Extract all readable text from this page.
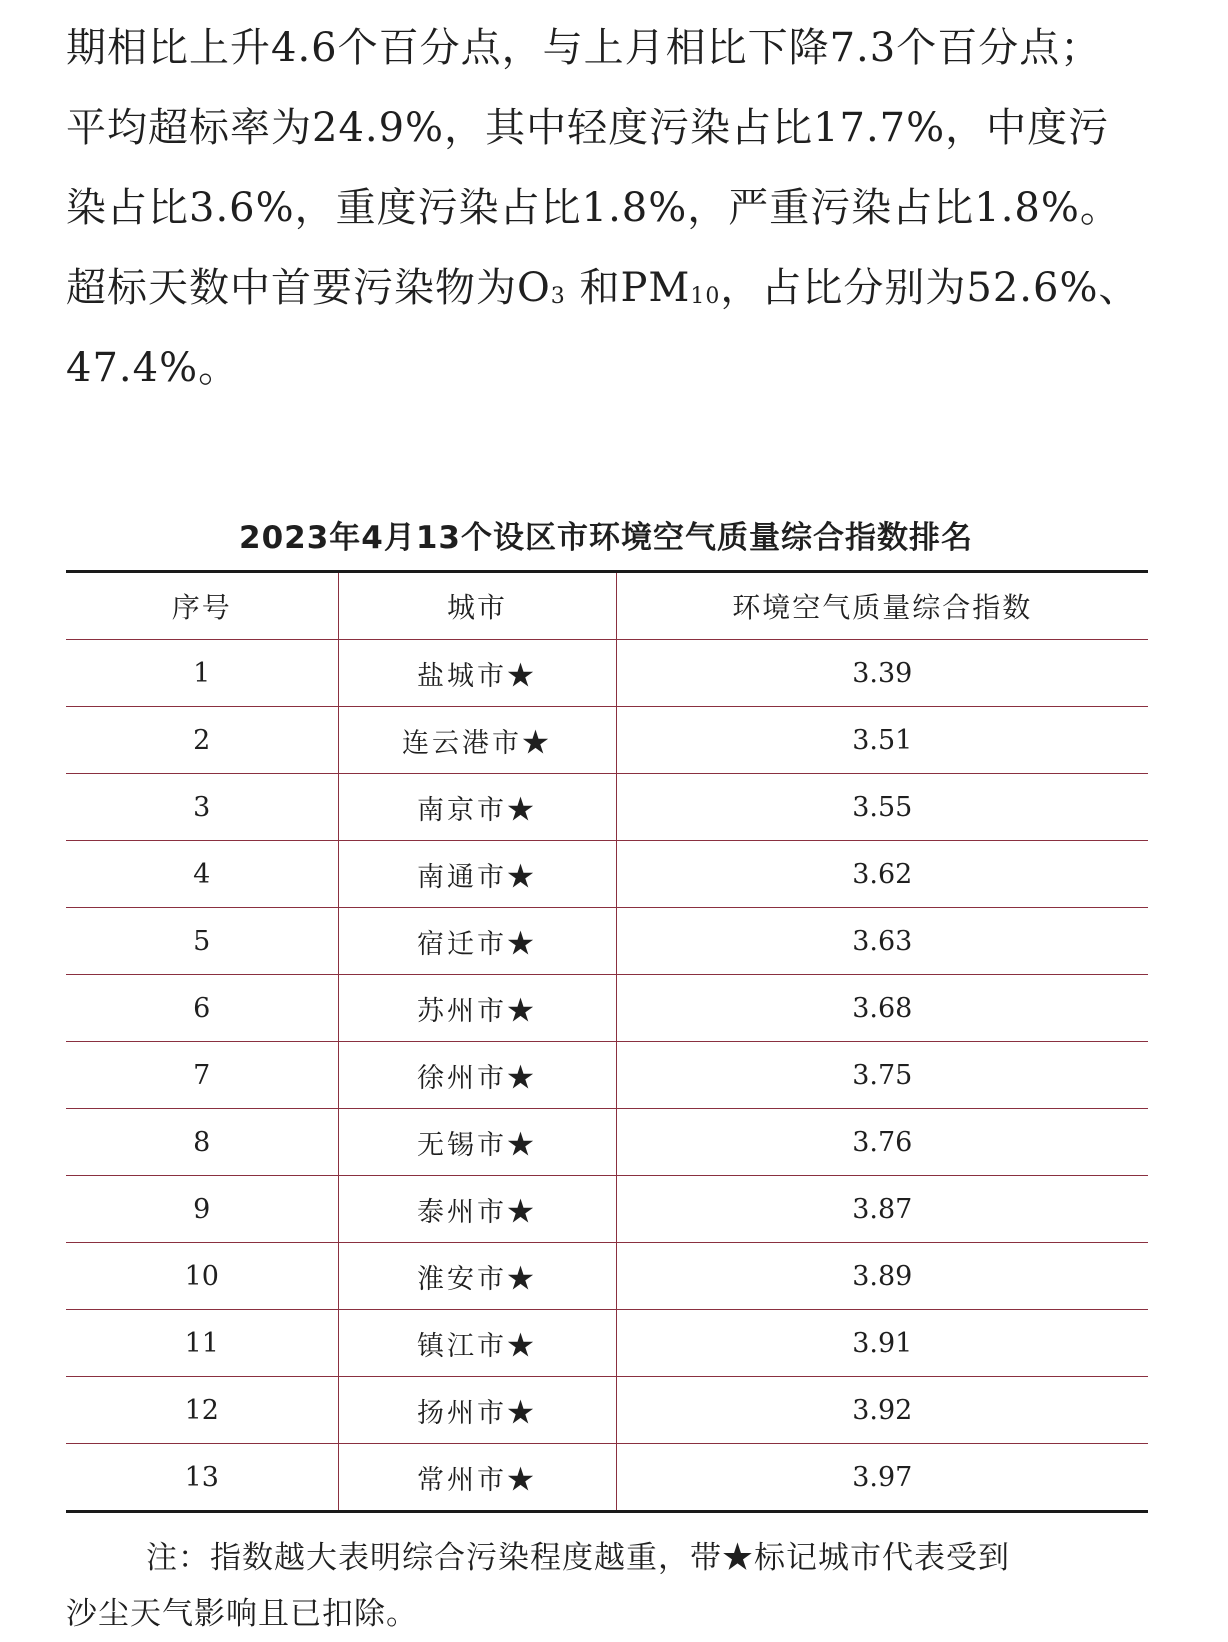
期相比上升4.6个百分点，与上月相比下降7.3个百分点；

平均超标率为24.9%，其中轻度污染占比17.7%，中度污

染占比3.6%，重度污染占比1.8%，严重污染占比1.8%。

超标天数中首要污染物为$O_3$ 和$PM_{10}$，占比分别为52.6%、

47.4%。

2023年4月13个设区市环境空气质量综合指数排名
序号	城市	环境空气质量综合指数
1	盐城市★	3.39
2	连云港市★	3.51
3	南京市★	3.55
4	南通市★	3.62
5	宿迁市★	3.63
6	苏州市★	3.68
7	徐州市★	3.75
8	无锡市★	3.76
9	泰州市★	3.87
10	淮安市★	3.89
11	镇江市★	3.91
12	扬州市★	3.92
13	常州市★	3.97

注：指数越大表明综合污染程度越重，带★标记城市代表受到

沙尘天气影响且已扣除。
